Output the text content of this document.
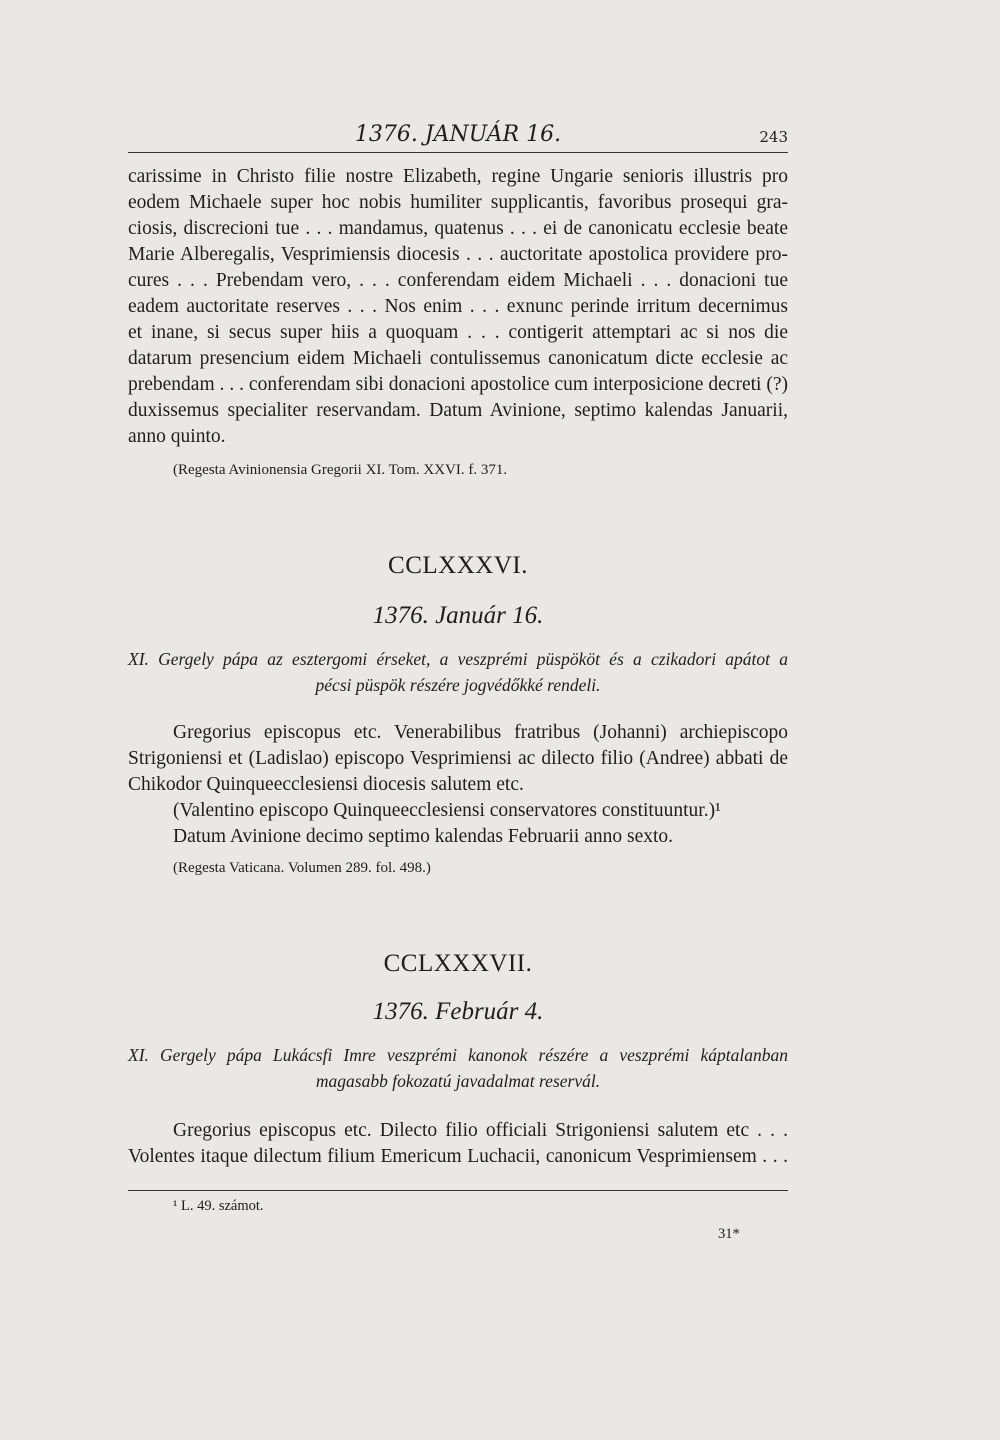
1376. JANUÁR 16.	243
carissime in Christo filie nostre Elizabeth, regine Ungarie senioris illustris pro
eodem Michaele super hoc nobis humiliter supplicantis, favoribus prosequi gra-
ciosis, discrecioni tue . . . mandamus, quatenus . . . ei de canonicatu ecclesie beate
Marie Alberegalis, Vesprimiensis diocesis . . . auctoritate apostolica providere pro-
cures . . . Prebendam vero, . . . conferendam eidem Michaeli . . . donacioni tue
eadem auctoritate reserves . . . Nos enim . . . exnunc perinde irritum decernimus
et inane, si secus super hiis a quoquam . . . contigerit attemptari ac si nos die
datarum presencium eidem Michaeli contulissemus canonicatum dicte ecclesie ac
prebendam . . . conferendam sibi donacioni apostolice cum interposicione decreti (?)
duxissemus specialiter reservandam. Datum Avinione, septimo kalendas Januarii,
anno quinto.
(Regesta Avinionensia Gregorii XI. Tom. XXVI. f. 371.
CCLXXXVI.
1376. Január 16.
XI. Gergely pápa az esztergomi érseket, a veszprémi püspököt és a czikadori apátot a
pécsi püspök részére jogvédőkké rendeli.
Gregorius episcopus etc. Venerabilibus fratribus (Johanni) archiepiscopo
Strigoniensi et (Ladislao) episcopo Vesprimiensi ac dilecto filio (Andree) abbati de
Chikodor Quinqueecclesiensi diocesis salutem etc.
(Valentino episcopo Quinqueecclesiensi conservatores constituuntur.)¹
Datum Avinione decimo septimo kalendas Februarii anno sexto.
(Regesta Vaticana. Volumen 289. fol. 498.)
CCLXXXVII.
1376. Február 4.
XI. Gergely pápa Lukácsfi Imre veszprémi kanonok részére a veszprémi káptalanban
magasabb fokozatú javadalmat reservál.
Gregorius episcopus etc. Dilecto filio officiali Strigoniensi salutem etc . . .
Volentes itaque dilectum filium Emericum Luchacii, canonicum Vesprimiensem . . .
¹ L. 49. számot.
31*
